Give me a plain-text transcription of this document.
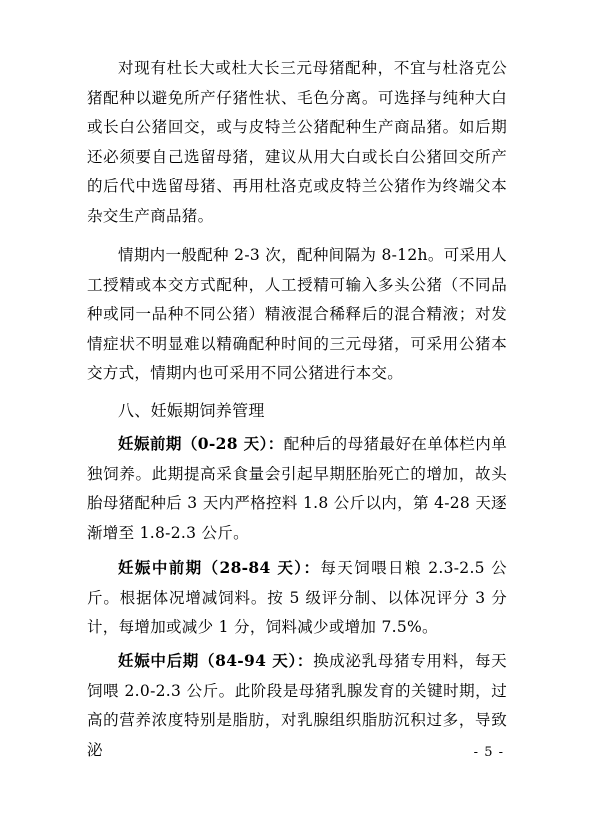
对现有杜长大或杜大长三元母猪配种，不宜与杜洛克公猪配种以避免所产仔猪性状、毛色分离。可选择与纯种大白或长白公猪回交，或与皮特兰公猪配种生产商品猪。如后期还必须要自己选留母猪，建议从用大白或长白公猪回交所产的后代中选留母猪、再用杜洛克或皮特兰公猪作为终端父本杂交生产商品猪。

情期内一般配种 2-3 次，配种间隔为 8-12h。可采用人工授精或本交方式配种，人工授精可输入多头公猪（不同品种或同一品种不同公猪）精液混合稀释后的混合精液；对发情症状不明显难以精确配种时间的三元母猪，可采用公猪本交方式，情期内也可采用不同公猪进行本交。

八、妊娠期饲养管理

妊娠前期（0-28 天）：配种后的母猪最好在单体栏内单独饲养。此期提高采食量会引起早期胚胎死亡的增加，故头胎母猪配种后 3 天内严格控料 1.8 公斤以内，第 4-28 天逐渐增至 1.8-2.3 公斤。

妊娠中前期（28-84 天）：每天饲喂日粮 2.3-2.5 公斤。根据体况增减饲料。按 5 级评分制、以体况评分 3 分计，每增加或减少 1 分，饲料减少或增加 7.5%。

妊娠中后期（84-94 天）：换成泌乳母猪专用料，每天饲喂 2.0-2.3 公斤。此阶段是母猪乳腺发育的关键时期，过高的营养浓度特别是脂肪，对乳腺组织脂肪沉积过多，导致泌	- 5 -
